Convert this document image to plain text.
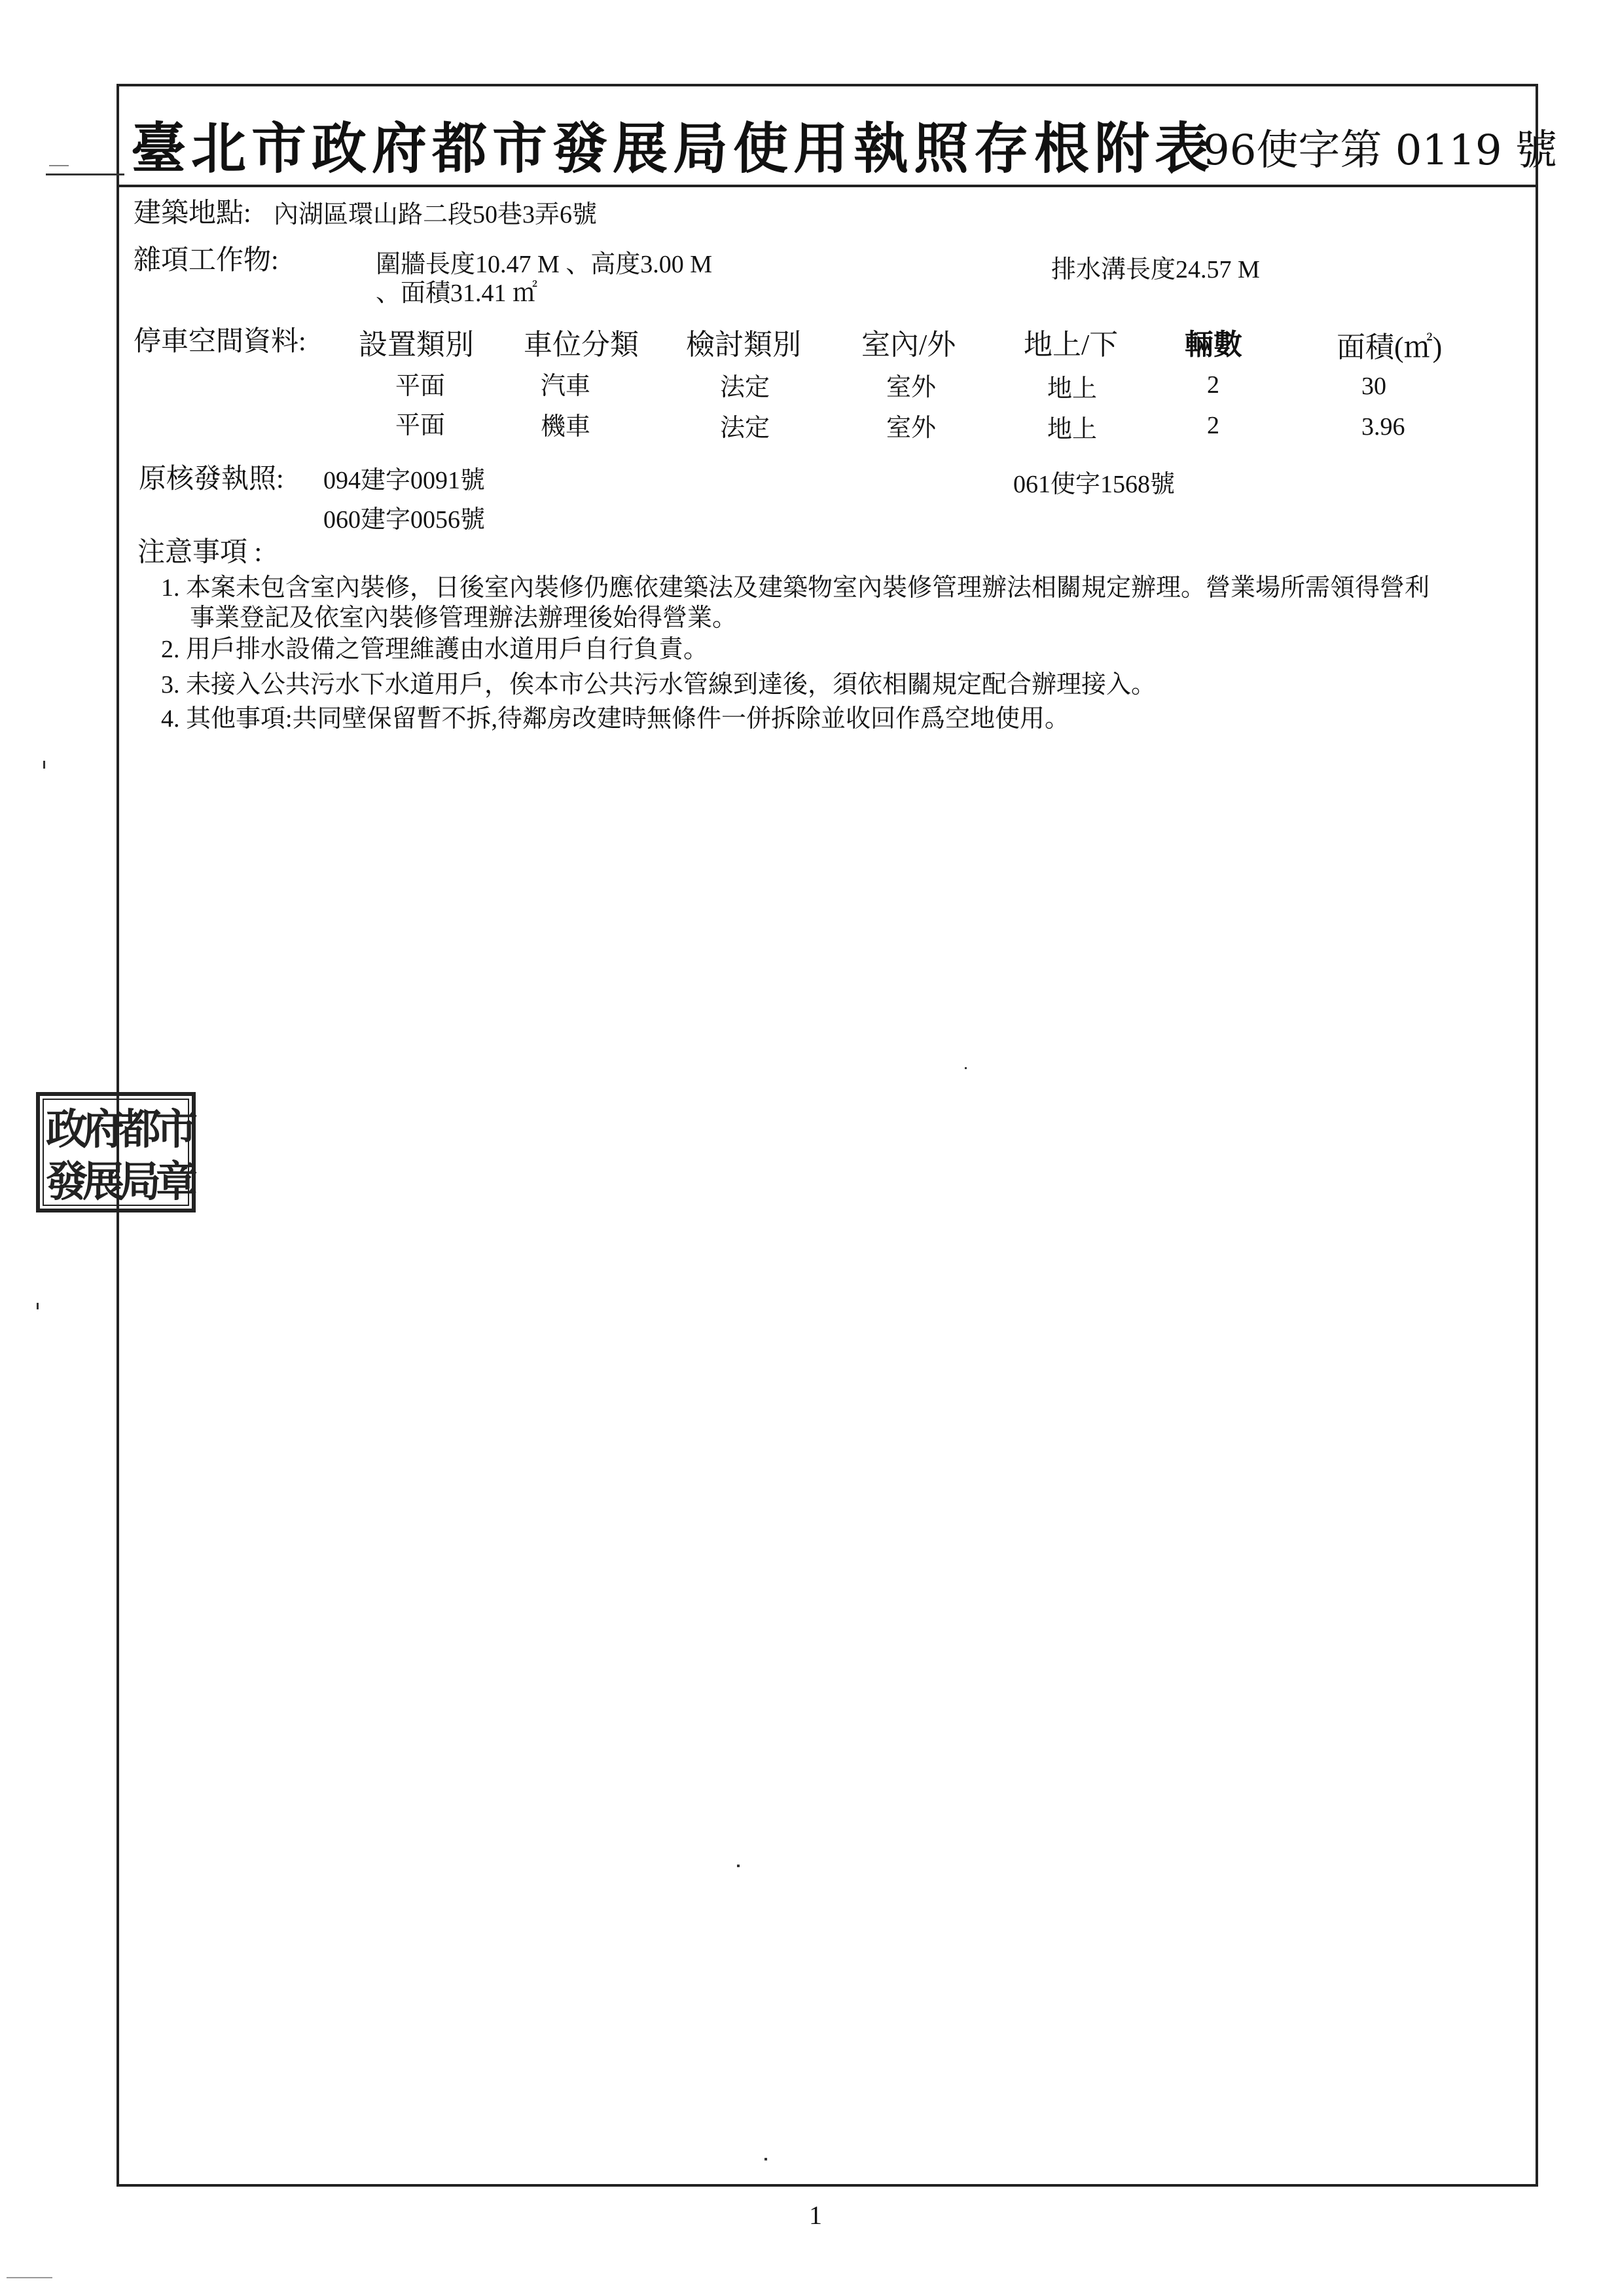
臺北市政府都市發展局使用執照存根附表
96使字第 0119 號
建築地點: 內湖區環山路二段50巷3弄6號
雜項工作物:	圍牆長度10.47 M 、高度3.00 M
、面積31.41 ㎡
排水溝長度24.57 M
停車空間資料: 設置類別 車位分類 檢討類別 室內/外 地上/下 輛數	面積(㎡)
平面	汽車	法定	室外	地上	2	30
平面	機車	法定	室外	地上	2	3.96
原核發執照: 094建字0091號
060建字0056號
061使字1568號
注意事項 :
1. 本案未包含室內裝修，日後室內裝修仍應依建築法及建築物室內裝修管理辦法相關規定辦理。營業場所需領得營利
事業登記及依室內裝修管理辦法辦理後始得營業。
2. 用戶排水設備之管理維護由水道用戶自行負責。
3. 未接入公共污水下水道用戶，俟本市公共污水管線到達後，須依相關規定配合辦理接入。
4. 其他事項:共同壁保留暫不拆,待鄰房改建時無條件一併拆除並收回作爲空地使用。
政
府
都
市
發
展
局
章
1
